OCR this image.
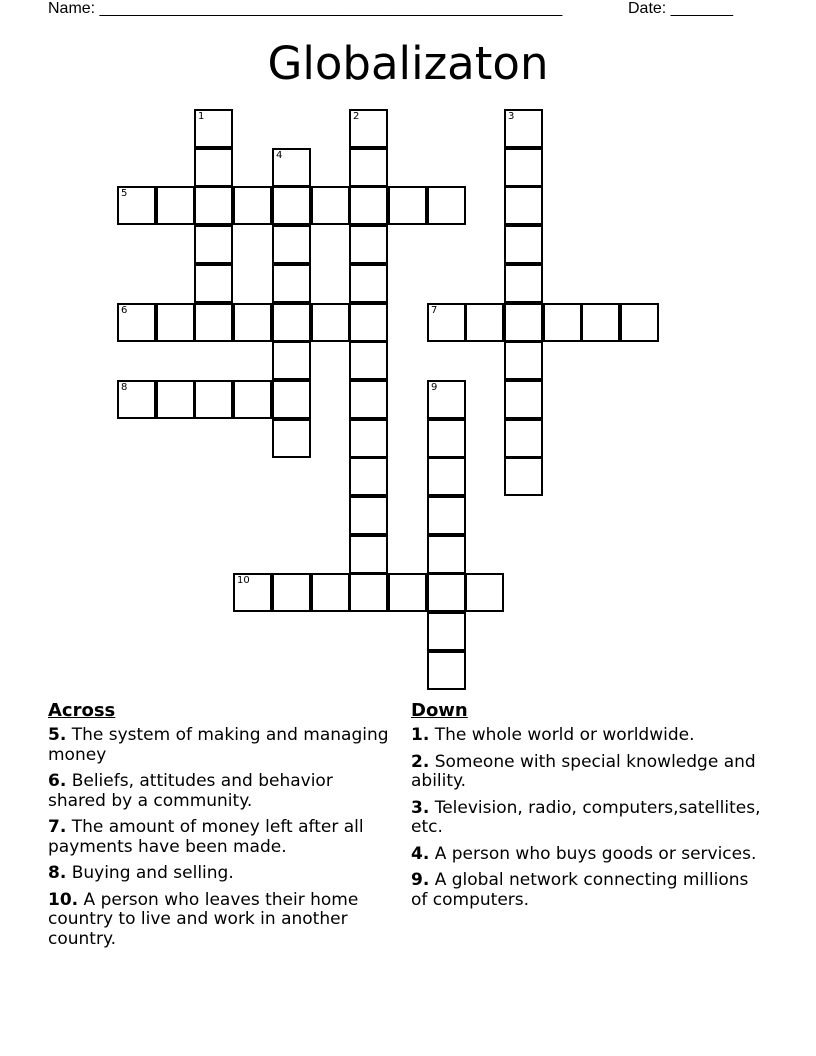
Name: ____________________________________________________	Date: _______
Globalizaton
1	2	3
4
5
6	7
8	9
10
Across
5. The system of making and managing money
6. Beliefs, attitudes and behavior shared by a community.
7. The amount of money left after all payments have been made.
8. Buying and selling.
10. A person who leaves their home country to live and work in another country.
Down
1. The whole world or worldwide.
2. Someone with special knowledge and ability.
3. Television, radio, computers,satellites, etc.
4. A person who buys goods or services.
9. A global network connecting millions of computers.
